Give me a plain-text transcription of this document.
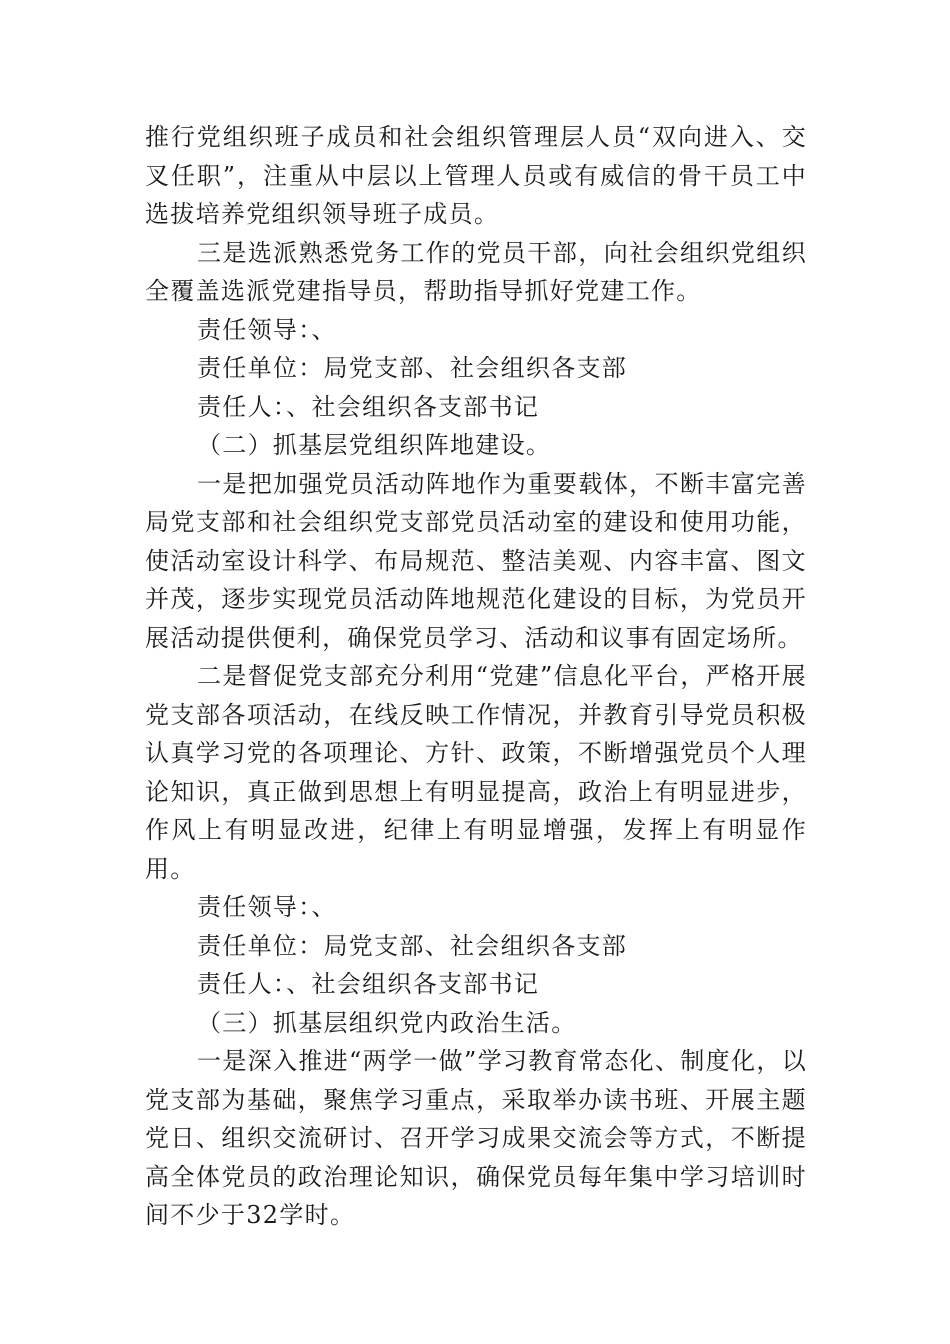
推行党组织班子成员和社会组织管理层人员“双向进入、交叉任职”，注重从中层以上管理人员或有威信的骨干员工中选拔培养党组织领导班子成员。

三是选派熟悉党务工作的党员干部，向社会组织党组织全覆盖选派党建指导员，帮助指导抓好党建工作。

责任领导：、

责任单位：局党支部、社会组织各支部

责任人：、社会组织各支部书记

（二）抓基层党组织阵地建设。

一是把加强党员活动阵地作为重要载体，不断丰富完善局党支部和社会组织党支部党员活动室的建设和使用功能，使活动室设计科学、布局规范、整洁美观、内容丰富、图文并茂，逐步实现党员活动阵地规范化建设的目标，为党员开展活动提供便利，确保党员学习、活动和议事有固定场所。

二是督促党支部充分利用“党建”信息化平台，严格开展党支部各项活动，在线反映工作情况，并教育引导党员积极认真学习党的各项理论、方针、政策，不断增强党员个人理论知识，真正做到思想上有明显提高，政治上有明显进步，作风上有明显改进，纪律上有明显增强，发挥上有明显作用。

责任领导：、

责任单位：局党支部、社会组织各支部

责任人：、社会组织各支部书记

（三）抓基层组织党内政治生活。

一是深入推进“两学一做”学习教育常态化、制度化，以党支部为基础，聚焦学习重点，采取举办读书班、开展主题党日、组织交流研讨、召开学习成果交流会等方式，不断提高全体党员的政治理论知识，确保党员每年集中学习培训时间不少于32学时。
